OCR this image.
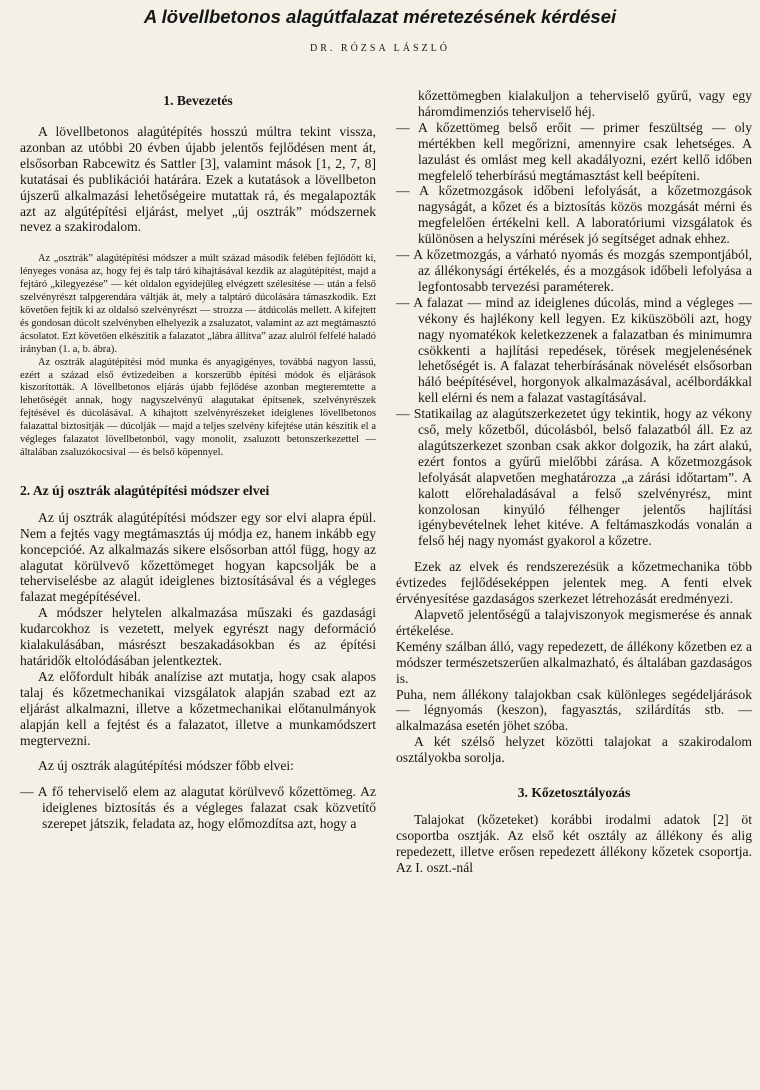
A lövellbetonos alagútfalazat méretezésének kérdései
DR. RÓZSA LÁSZLÓ
1. Bevezetés

A lövellbetonos alagútépítés hosszú múltra tekint vissza, azonban az utóbbi 20 évben újabb jelentős fejlődésen ment át, elsősorban Rabcewitz és Sattler [3], valamint mások [1, 2, 7, 8] kutatásai és publikációi határára. Ezek a kutatások a lövellbeton újszerű alkalmazási lehetőségeire mutattak rá, és megalapozták azt az algútépítési eljárást, melyet „új osztrák” módszernek nevez a szakirodalom.

Az „osztrák” alagútépítési módszer a múlt század második felében fejlődött ki, lényeges vonása az, hogy fej és talp táró kihajtásával kezdik az alagútépítést, majd a fejtáró „kilegyezése” — két oldalon egyidejűleg elvégzett szélesítése — után a felső szelvényrészt talpgerendára váltják át, mely a talptáró dúcolására támaszkodik. Ezt követően fejtik ki az oldalsó szelvényrészt — strozza — átdúcolás mellett. A kifejtett és gondosan dúcolt szelvényben elhelyezik a zsaluzatot, valamint az azt megtámasztó ácsolatot. Ezt követően elkészítik a falazatot „lábra állítva” azaz alulról felfelé haladó irányban (1. a, b. ábra).

Az osztrák alagútépítési mód munka és anyagigényes, továbbá nagyon lassú, ezért a század első évtizedeiben a korszerűbb építési módok és eljárások kiszorították. A lövellbetonos eljárás újabb fejlődése azonban megteremtette a lehetőségét annak, hogy nagyszelvényű alagutakat építsenek, szelvényrészek fejtésével és dúcolásával. A kihajtott szelvényrészeket ideiglenes lövellbetonos falazattal biztosítják — dúcolják — majd a teljes szelvény kifejtése után készítik el a végleges falazatot lövellbetonból, vagy monolit, zsaluzott betonszerkezettel — általában zsaluzókocsival — és belső köpennyel.

2. Az új osztrák alagútépítési módszer elvei

Az új osztrák alagútépítési módszer egy sor elvi alapra épül. Nem a fejtés vagy megtámasztás új módja ez, hanem inkább egy koncepcióé. Az alkalmazás sikere elsősorban attól függ, hogy az alagutat körülvevő kőzettömeget hogyan kapcsolják be a teherviselésbe az alagút ideiglenes biztosításával és a végleges falazat megépítésével.

A módszer helytelen alkalmazása műszaki és gazdasági kudarcokhoz is vezetett, melyek egyrészt nagy deformáció kialakulásában, másrészt beszakadásokban és az építési határidők eltolódásában jelentkeztek.

Az előfordult hibák analízise azt mutatja, hogy csak alapos talaj és kőzetmechanikai vizsgálatok alapján szabad ezt az eljárást alkalmazni, illetve a kőzetmechanikai előtanulmányok alapján kell a fejtést és a falazatot, illetve a munkamódszert megtervezni.

Az új osztrák alagútépítési módszer főbb elvei:

— A fő teherviselő elem az alagutat körülvevő kőzettömeg. Az ideiglenes biztosítás és a végleges falazat csak közvetítő szerepet játszik, feladata az, hogy előmozdítsa azt, hogy a

kőzettömegben kialakuljon a teherviselő gyűrű, vagy egy háromdimenziós teherviselő héj.

— A kőzettömeg belső erőit — primer feszültség — oly mértékben kell megőrizni, amennyire csak lehetséges. A lazulást és omlást meg kell akadályozni, ezért kellő időben megfelelő teherbírású megtámasztást kell beépíteni.

— A kőzetmozgások időbeni lefolyását, a kőzetmozgások nagyságát, a kőzet és a biztosítás közös mozgását mérni és megfelelően értékelni kell. A laboratóriumi vizsgálatok és különösen a helyszíni mérések jó segítséget adnak ehhez.

— A kőzetmozgás, a várható nyomás és mozgás szempontjából, az állékonysági értékelés, és a mozgások időbeli lefolyása a legfontosabb tervezési paraméterek.

— A falazat — mind az ideiglenes dúcolás, mind a végleges — vékony és hajlékony kell legyen. Ez kiküszöböli azt, hogy nagy nyomatékok keletkezzenek a falazatban és minimumra csökkenti a hajlítási repedések, törések megjelenésének lehetőségét is. A falazat teherbírásának növelését elsősorban háló beépítésével, horgonyok alkalmazásával, acélbordákkal kell elérni és nem a falazat vastagításával.

— Statikailag az alagútszerkezetet úgy tekintik, hogy az vékony cső, mely kőzetből, dúcolásból, belső falazatból áll. Ez az alagútszerkezet szonban csak akkor dolgozik, ha zárt alakú, ezért fontos a gyűrű mielőbbi zárása. A kőzetmozgások lefolyását alapvetően meghatározza „a zárási időtartam”. A kalott előrehaladásával a felső szelvényrész, mint konzolosan kinyúló félhenger jelentős hajlítási igénybevételnek lehet kitéve. A feltámaszkodás vonalán a felső héj nagy nyomást gyakorol a kőzetre.

Ezek az elvek és rendszerezésük a kőzetmechanika több évtizedes fejlődéseképpen jelentek meg. A fenti elvek érvényesítése gazdaságos szerkezet létrehozását eredményezi.

Alapvető jelentőségű a talajviszonyok megismerése és annak értékelése.

Kemény szálban álló, vagy repedezett, de állékony kőzetben ez a módszer természetszerűen alkalmazható, és általában gazdaságos is.

Puha, nem állékony talajokban csak különleges segédeljárások — légnyomás (keszon), fagyasztás, szilárdítás stb. — alkalmazása esetén jöhet szóba.

A két szélső helyzet közötti talajokat a szakirodalom osztályokba sorolja.

3. Kőzetosztályozás

Talajokat (kőzeteket) korábbi irodalmi adatok [2] öt csoportba osztják. Az első két osztály az állékony és alig repedezett, illetve erősen repedezett állékony kőzetek csoportja. Az I. oszt.-nál
